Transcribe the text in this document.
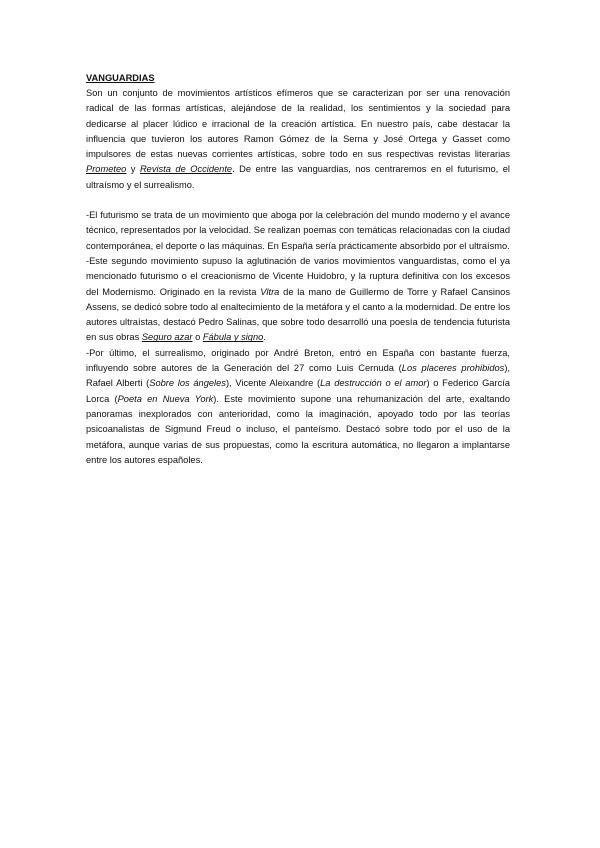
VANGUARDIAS

Son un conjunto de movimientos artísticos efímeros que se caracterizan por ser una renovación radical de las formas artísticas, alejándose de la realidad, los sentimientos y la sociedad para dedicarse al placer lúdico e irracional de la creación artística. En nuestro país, cabe destacar la influencia que tuvieron los autores Ramon Gómez de la Serna y José Ortega y Gasset como impulsores de estas nuevas corrientes artísticas, sobre todo en sus respectivas revistas literarias Prometeo y Revista de Occidente. De entre las vanguardias, nos centraremos en el futurismo, el ultraísmo y el surrealismo.

-El futurismo se trata de un movimiento que aboga por la celebración del mundo moderno y el avance técnico, representados por la velocidad. Se realizan poemas con temáticas relacionadas con la ciudad contemporánea, el deporte o las máquinas. En España sería prácticamente absorbido por el ultraísmo.

-Este segundo movimiento supuso la aglutinación de varios movimientos vanguardistas, como el ya mencionado futurismo o el creacionismo de Vicente Huidobro, y la ruptura definitiva con los excesos del Modernismo. Originado en la revista Vltra de la mano de Guillermo de Torre y Rafael Cansinos Assens, se dedicó sobre todo al enaltecimiento de la metáfora y el canto a la modernidad. De entre los autores ultraístas, destacó Pedro Salinas, que sobre todo desarrolló una poesía de tendencia futurista en sus obras Seguro azar o Fábula y signo.

-Por último, el surrealismo, originado por André Breton, entró en España con bastante fuerza, influyendo sobre autores de la Generación del 27 como Luis Cernuda (Los placeres prohibidos), Rafael Alberti (Sobre los ángeles), Vicente Aleixandre (La destrucción o el amor) o Federico García Lorca (Poeta en Nueva York). Este movimiento supone una rehumanización del arte, exaltando panoramas inexplorados con anterioridad, como la imaginación, apoyado todo por las teorías psicoanalistas de Sigmund Freud o incluso, el panteísmo. Destacó sobre todo por el uso de la metáfora, aunque varias de sus propuestas, como la escritura automática, no llegaron a implantarse entre los autores españoles.
